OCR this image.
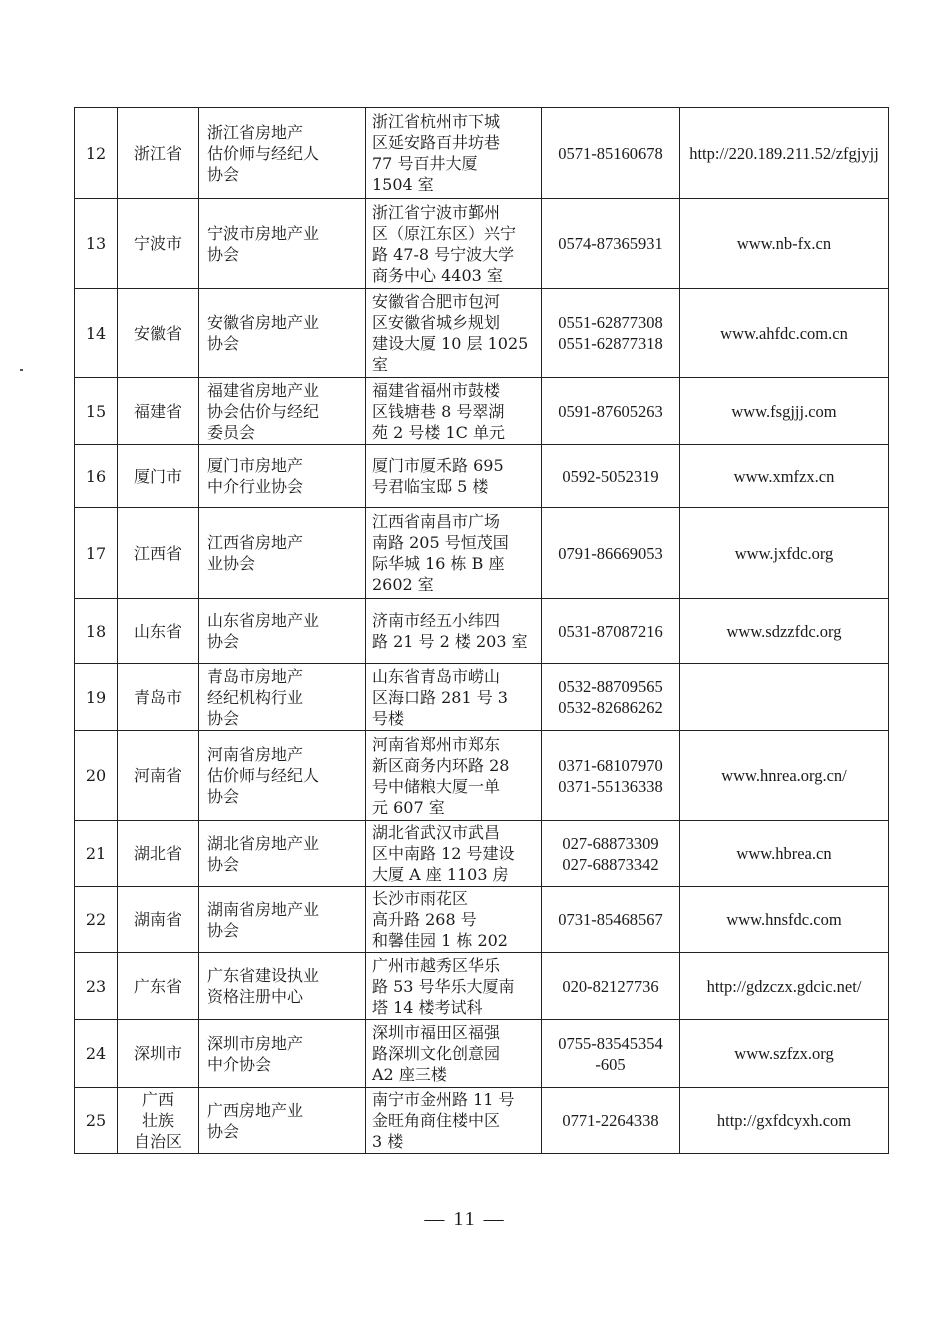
12	浙江省	浙江省房地产
估价师与经纪人
协会	浙江省杭州市下城
区延安路百井坊巷
77 号百井大厦
1504 室	0571-85160678	http://220.189.211.52/zfgjyjj
13	宁波市	宁波市房地产业
协会	浙江省宁波市鄞州
区（原江东区）兴宁
路 47-8 号宁波大学
商务中心 4403 室	0574-87365931	www.nb-fx.cn
14	安徽省	安徽省房地产业
协会	安徽省合肥市包河
区安徽省城乡规划
建设大厦 10 层 1025
室	0551-62877308
0551-62877318	www.ahfdc.com.cn
15	福建省	福建省房地产业
协会估价与经纪
委员会	福建省福州市鼓楼
区钱塘巷 8 号翠湖
苑 2 号楼 1C 单元	0591-87605263	www.fsgjjj.com
16	厦门市	厦门市房地产
中介行业协会	厦门市厦禾路 695
号君临宝邸 5 楼	0592-5052319	www.xmfzx.cn
17	江西省	江西省房地产
业协会	江西省南昌市广场
南路 205 号恒茂国
际华城 16 栋 B 座
2602 室	0791-86669053	www.jxfdc.org
18	山东省	山东省房地产业
协会	济南市经五小纬四
路 21 号 2 楼 203 室	0531-87087216	www.sdzzfdc.org
19	青岛市	青岛市房地产
经纪机构行业
协会	山东省青岛市崂山
区海口路 281 号 3
号楼	0532-88709565
0532-82686262	
20	河南省	河南省房地产
估价师与经纪人
协会	河南省郑州市郑东
新区商务内环路 28
号中储粮大厦一单
元 607 室	0371-68107970
0371-55136338	www.hnrea.org.cn/
21	湖北省	湖北省房地产业
协会	湖北省武汉市武昌
区中南路 12 号建设
大厦 A 座 1103 房	027-68873309
027-68873342	www.hbrea.cn
22	湖南省	湖南省房地产业
协会	长沙市雨花区
高升路 268 号
和馨佳园 1 栋 202	0731-85468567	www.hnsfdc.com
23	广东省	广东省建设执业
资格注册中心	广州市越秀区华乐
路 53 号华乐大厦南
塔 14 楼考试科	020-82127736	http://gdzczx.gdcic.net/
24	深圳市	深圳市房地产
中介协会	深圳市福田区福强
路深圳文化创意园
A2 座三楼	0755-83545354
-605	www.szfzx.org
25	广西
壮族
自治区	广西房地产业
协会	南宁市金州路 11 号
金旺角商住楼中区
3 楼	0771-2264338	http://gxfdcyxh.com
— 11 —
